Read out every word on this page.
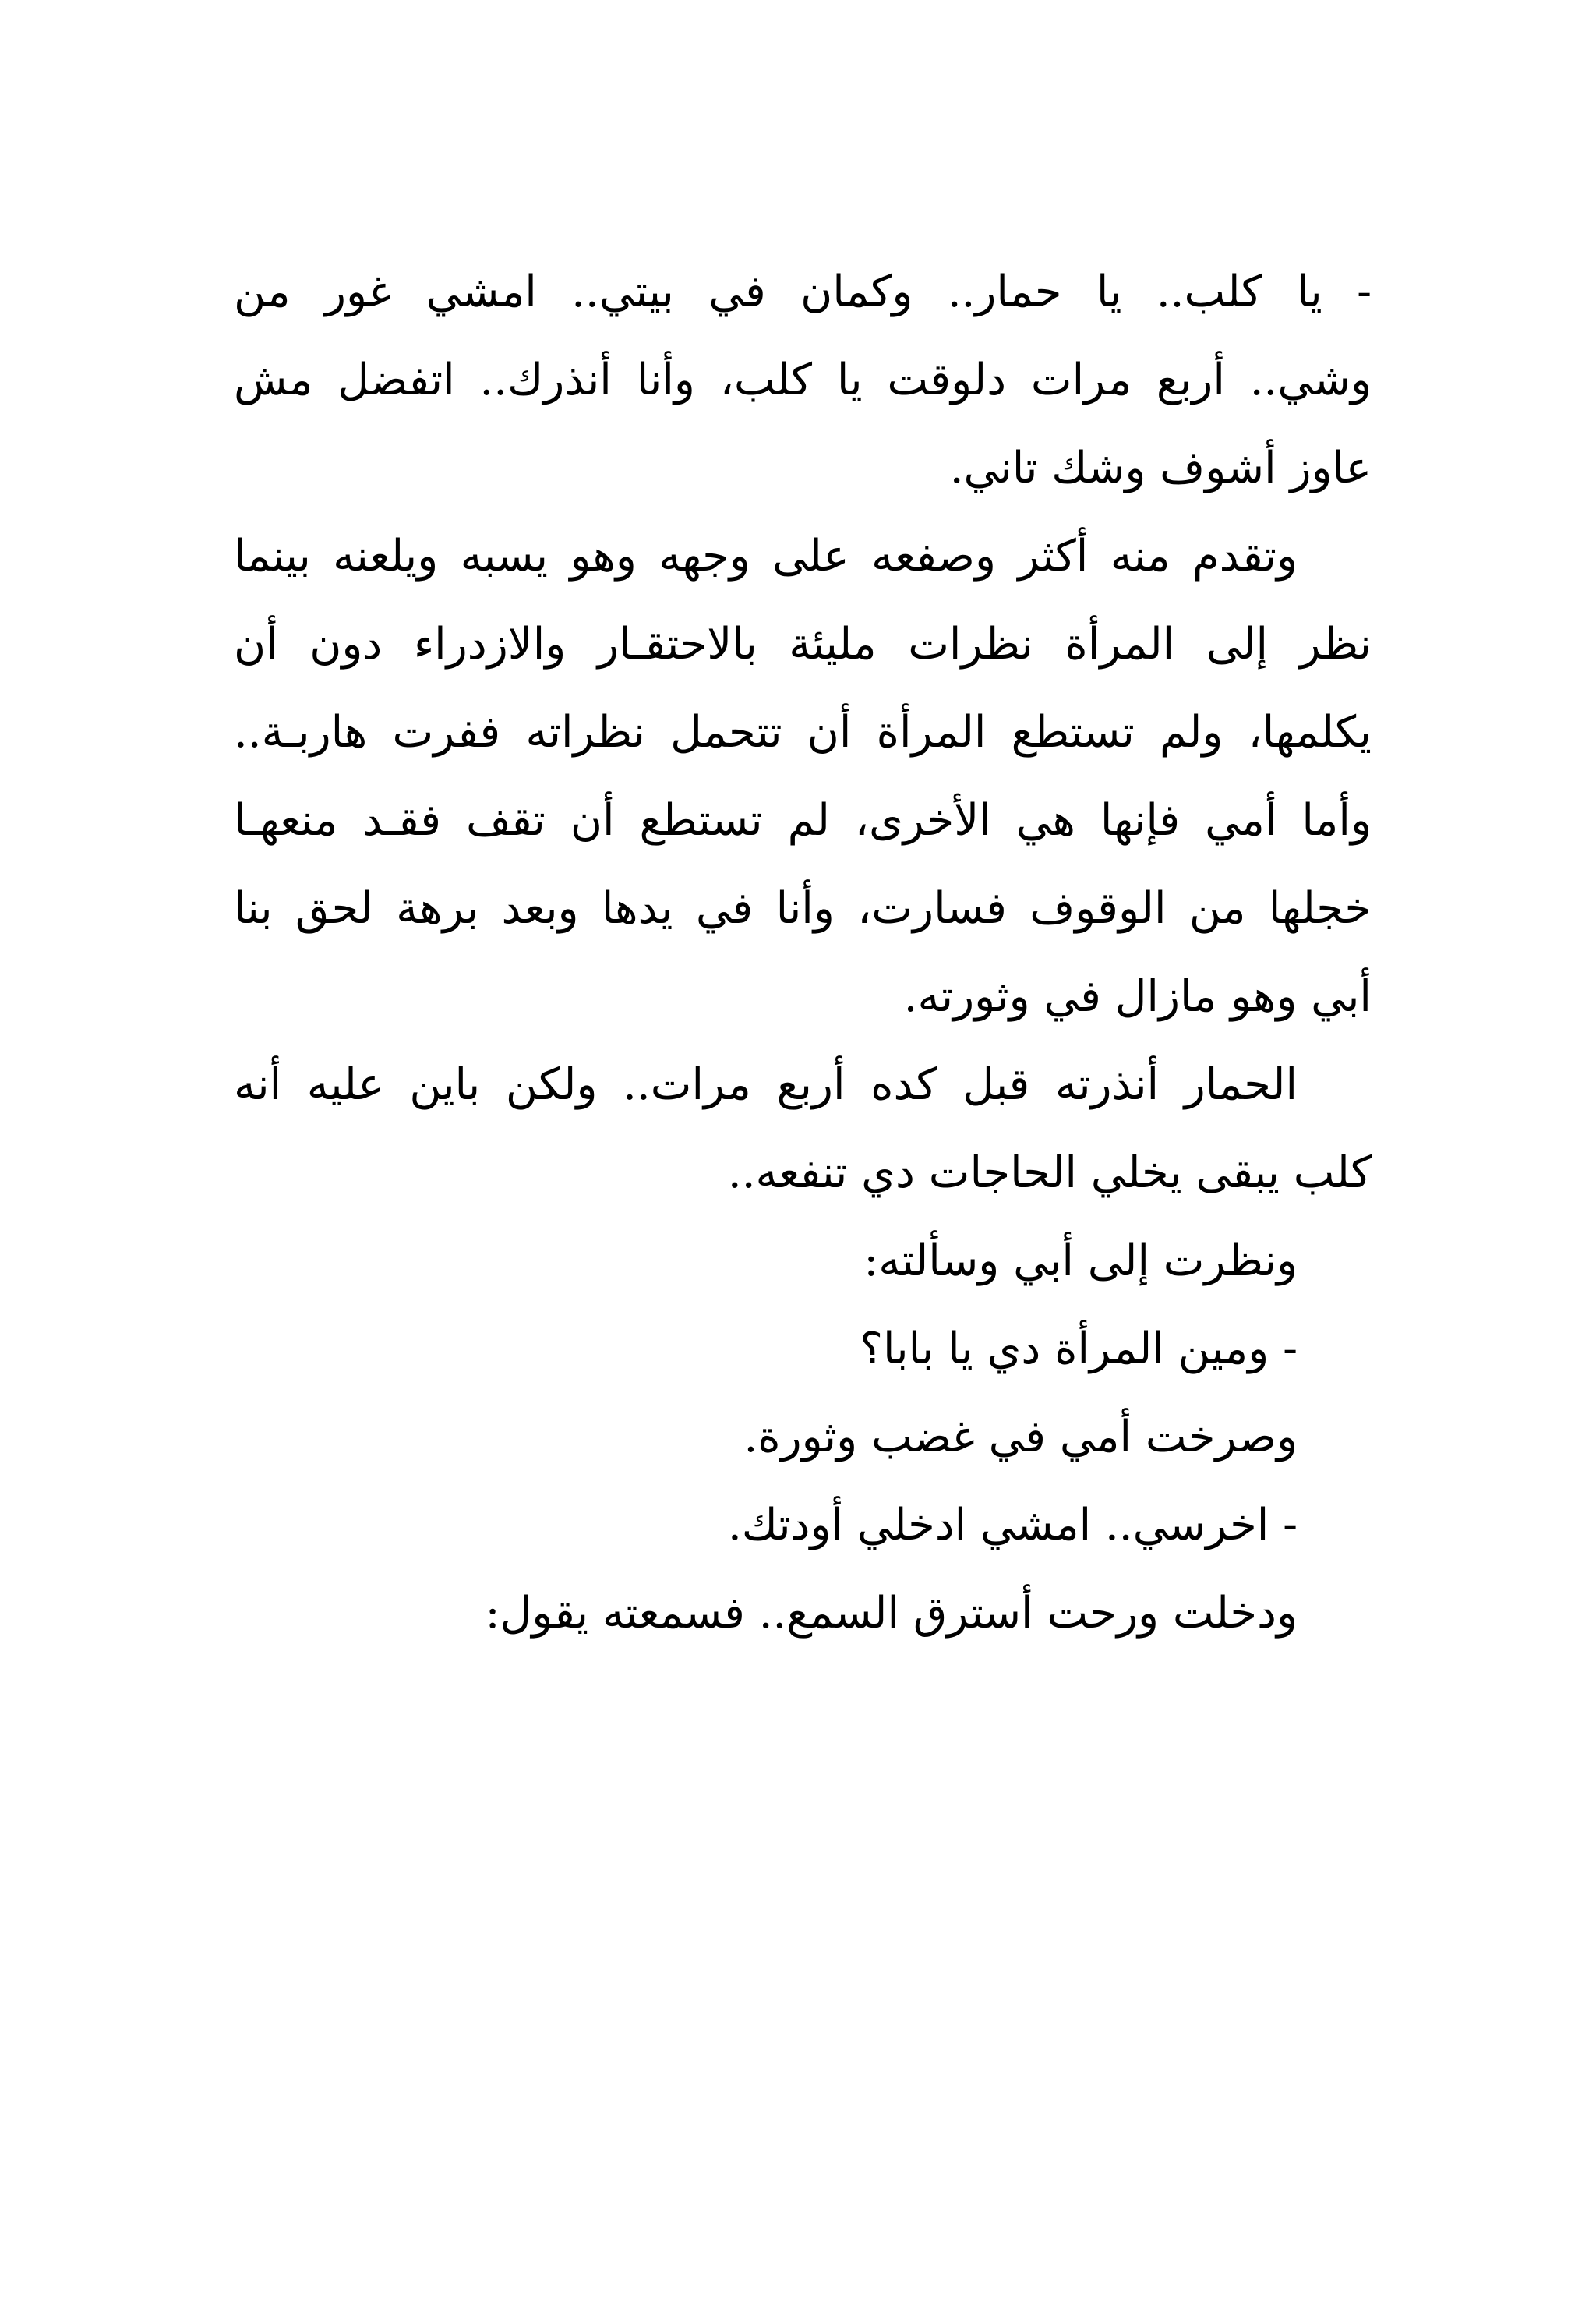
- يا كلب.. يا حمار.. وكمان في بيتي.. امشي غور من
وشي.. أربع مرات دلوقت يا كلب، وأنا أنذرك.. اتفضل مش
عاوز أشوف وشك تاني.
وتقدم منه أكثر وصفعه على وجهه وهو يسبه ويلعنه بينما
نظر إلى المرأة نظرات مليئة بالاحتقـار والازدراء دون أن
يكلمها، ولم تستطع المرأة أن تتحمل نظراته ففرت هاربـة..
وأما أمي فإنها هي الأخرى، لم تستطع أن تقف فقـد منعهـا
خجلها من الوقوف فسارت، وأنا في يدها وبعد برهة لحق بنا
أبي وهو مازال في وثورته.
الحمار أنذرته قبل كده أربع مرات.. ولكن باين عليه أنه
كلب يبقى يخلي الحاجات دي تنفعه..
ونظرت إلى أبي وسألته:
- ومين المرأة دي يا بابا؟
وصرخت أمي في غضب وثورة.
- اخرسي.. امشي ادخلي أودتك.
ودخلت ورحت أسترق السمع.. فسمعته يقول:
